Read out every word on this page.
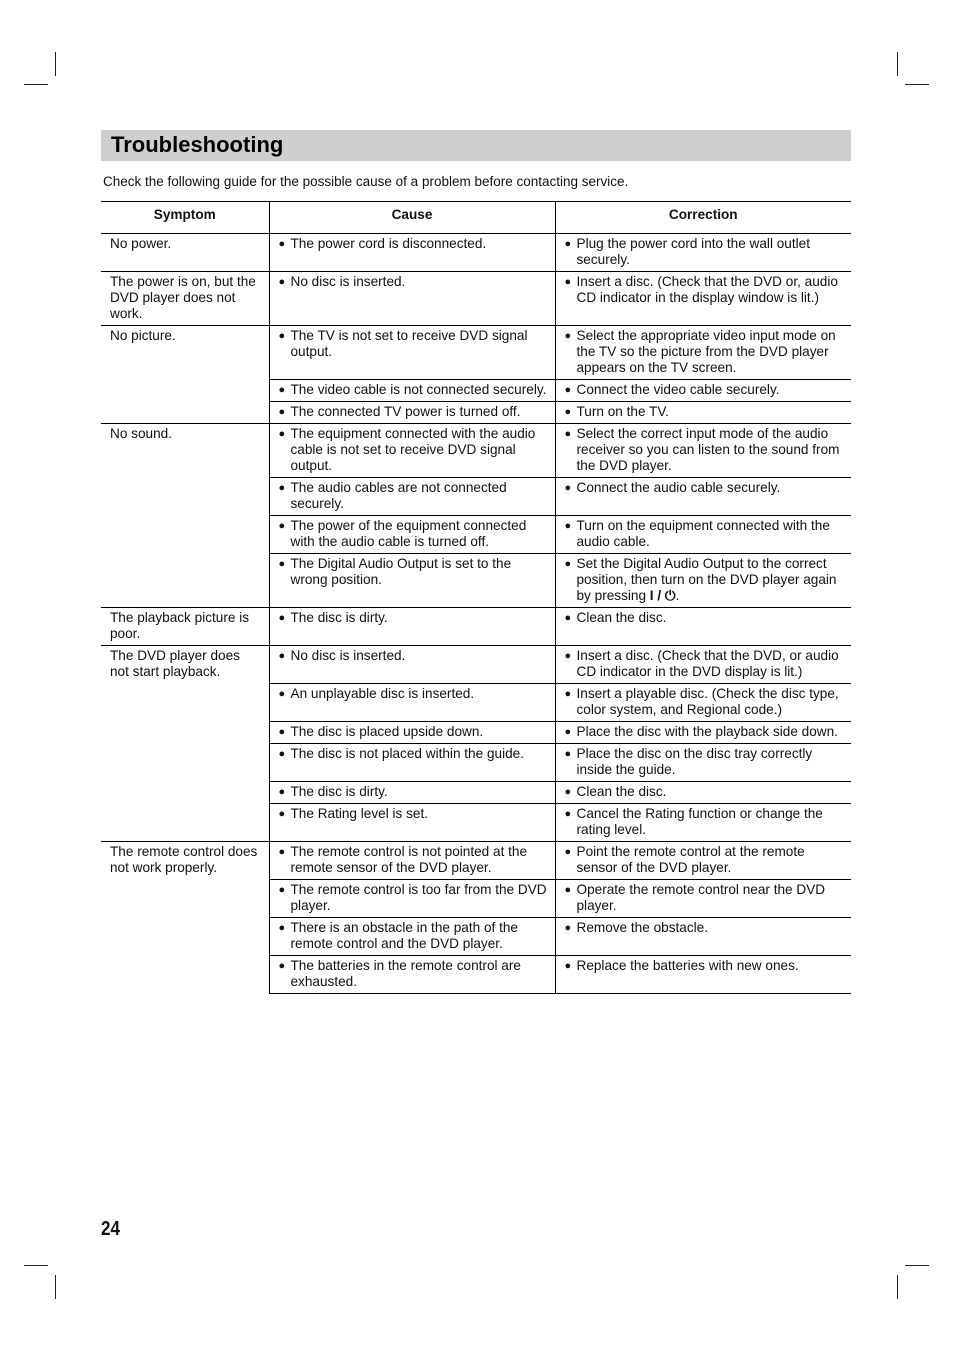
Troubleshooting

Check the following guide for the possible cause of a problem before contacting service.

Symptom	Cause	Correction
No power.	● The power cord is disconnected.	● Plug the power cord into the wall outlet securely.

The power is on, but the DVD player does not work.	● No disc is inserted.	● Insert a disc. (Check that the DVD or, audio CD indicator in the display window is lit.)

No picture.	● The TV is not set to receive DVD signal output.	● Select the appropriate video input mode on the TV so the picture from the DVD player appears on the TV screen.

	● The video cable is not connected securely.	● Connect the video cable securely.

	● The connected TV power is turned off.	● Turn on the TV.

No sound.	● The equipment connected with the audio cable is not set to receive DVD signal output.	● Select the correct input mode of the audio receiver so you can listen to the sound from the DVD player.

	● The audio cables are not connected securely.	● Connect the audio cable securely.

	● The power of the equipment connected with the audio cable is turned off.	● Turn on the equipment connected with the audio cable.

	● The Digital Audio Output is set to the wrong position.	● Set the Digital Audio Output to the correct position, then turn on the DVD player again by pressing I / ⏻.

The playback picture is poor.	● The disc is dirty.	● Clean the disc.

The DVD player does not start playback.	● No disc is inserted.	● Insert a disc. (Check that the DVD, or audio CD indicator in the DVD display is lit.)

	● An unplayable disc is inserted.	● Insert a playable disc. (Check the disc type, color system, and Regional code.)

	● The disc is placed upside down.	● Place the disc with the playback side down.

	● The disc is not placed within the guide.	● Place the disc on the disc tray correctly inside the guide.

	● The disc is dirty.	● Clean the disc.

	● The Rating level is set.	● Cancel the Rating function or change the rating level.

The remote control does not work properly.	● The remote control is not pointed at the remote sensor of the DVD player.	● Point the remote control at the remote sensor of the DVD player.

	● The remote control is too far from the DVD player.	● Operate the remote control near the DVD player.

	● There is an obstacle in the path of the remote control and the DVD player.	● Remove the obstacle.

	● The batteries in the remote control are exhausted.	● Replace the batteries with new ones.
24
